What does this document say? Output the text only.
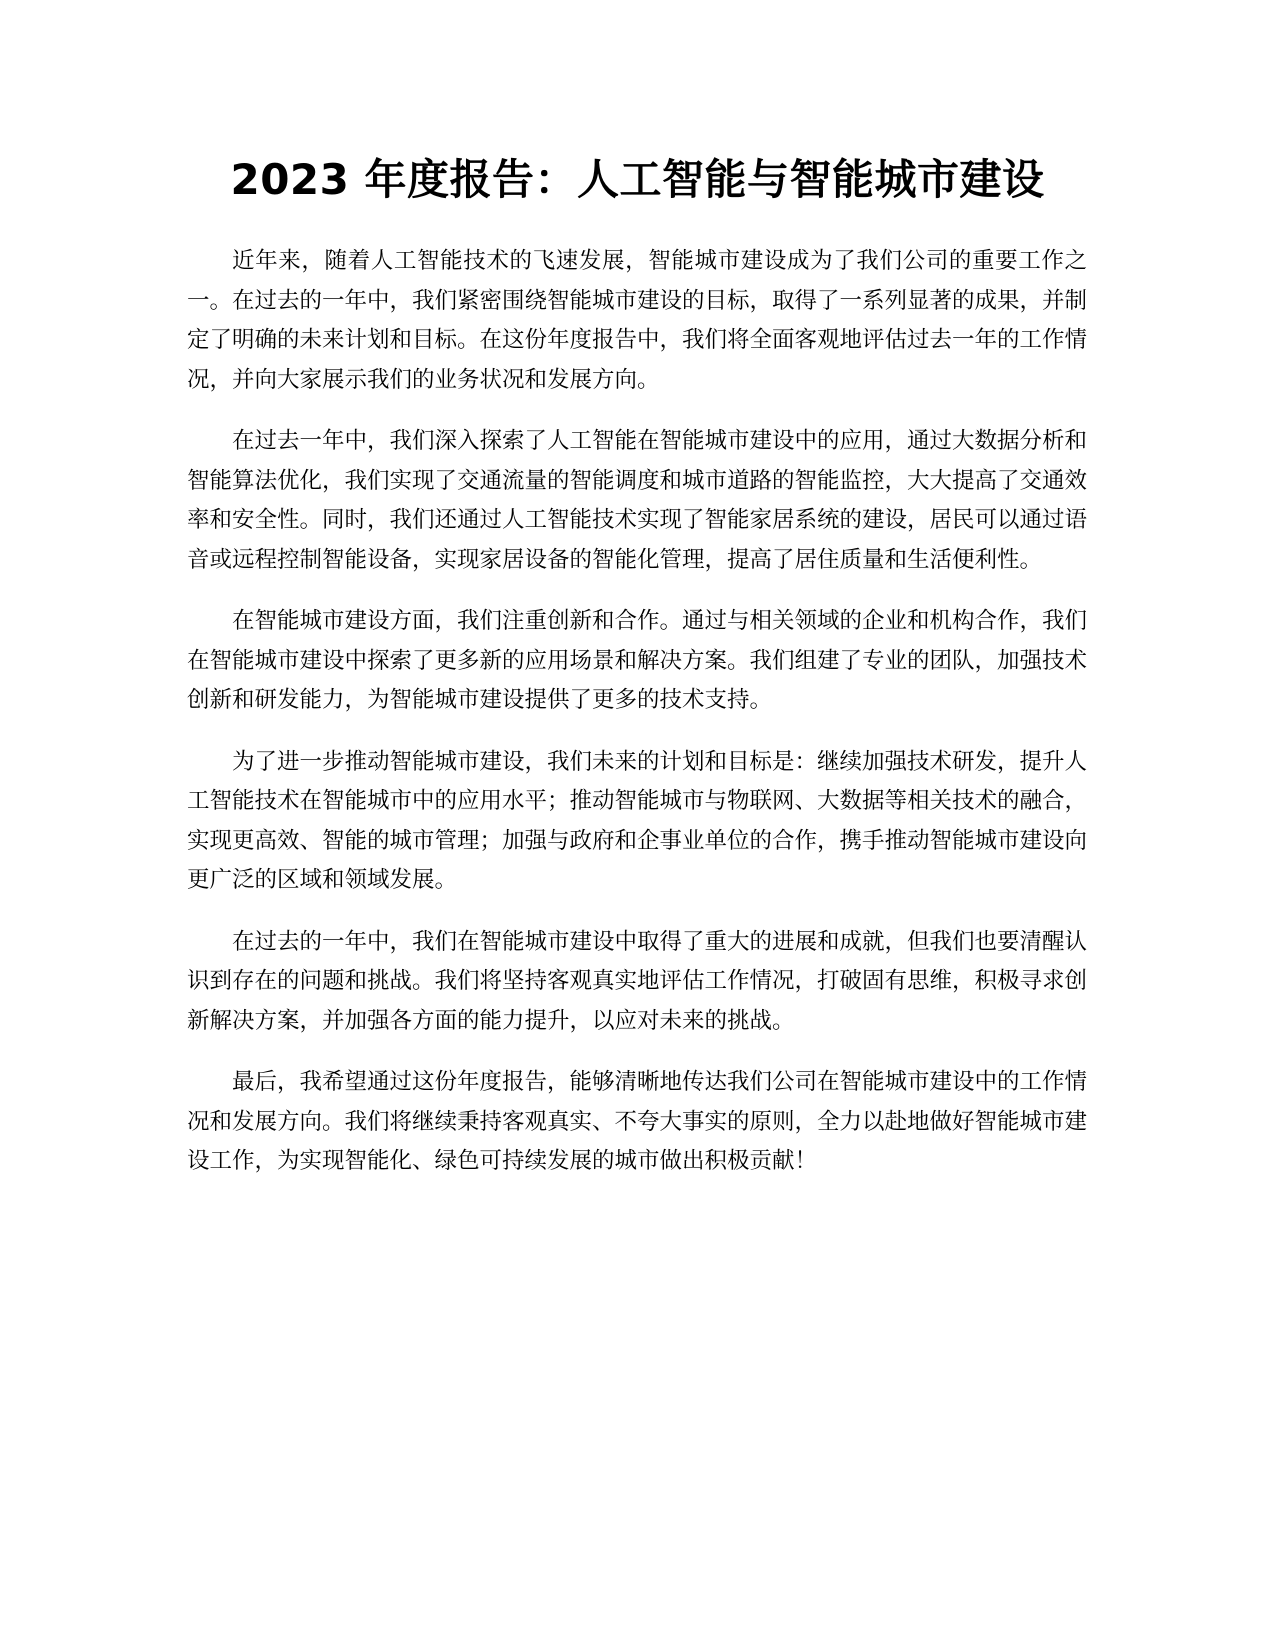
2023 年度报告：人工智能与智能城市建设

近年来，随着人工智能技术的飞速发展，智能城市建设成为了我们公司的重要工作之一。在过去的一年中，我们紧密围绕智能城市建设的目标，取得了一系列显著的成果，并制定了明确的未来计划和目标。在这份年度报告中，我们将全面客观地评估过去一年的工作情况，并向大家展示我们的业务状况和发展方向。

在过去一年中，我们深入探索了人工智能在智能城市建设中的应用，通过大数据分析和智能算法优化，我们实现了交通流量的智能调度和城市道路的智能监控，大大提高了交通效率和安全性。同时，我们还通过人工智能技术实现了智能家居系统的建设，居民可以通过语音或远程控制智能设备，实现家居设备的智能化管理，提高了居住质量和生活便利性。

在智能城市建设方面，我们注重创新和合作。通过与相关领域的企业和机构合作，我们在智能城市建设中探索了更多新的应用场景和解决方案。我们组建了专业的团队，加强技术创新和研发能力，为智能城市建设提供了更多的技术支持。

为了进一步推动智能城市建设，我们未来的计划和目标是：继续加强技术研发，提升人工智能技术在智能城市中的应用水平；推动智能城市与物联网、大数据等相关技术的融合，实现更高效、智能的城市管理；加强与政府和企事业单位的合作，携手推动智能城市建设向更广泛的区域和领域发展。

在过去的一年中，我们在智能城市建设中取得了重大的进展和成就，但我们也要清醒认识到存在的问题和挑战。我们将坚持客观真实地评估工作情况，打破固有思维，积极寻求创新解决方案，并加强各方面的能力提升，以应对未来的挑战。

最后，我希望通过这份年度报告，能够清晰地传达我们公司在智能城市建设中的工作情况和发展方向。我们将继续秉持客观真实、不夸大事实的原则，全力以赴地做好智能城市建设工作，为实现智能化、绿色可持续发展的城市做出积极贡献！
